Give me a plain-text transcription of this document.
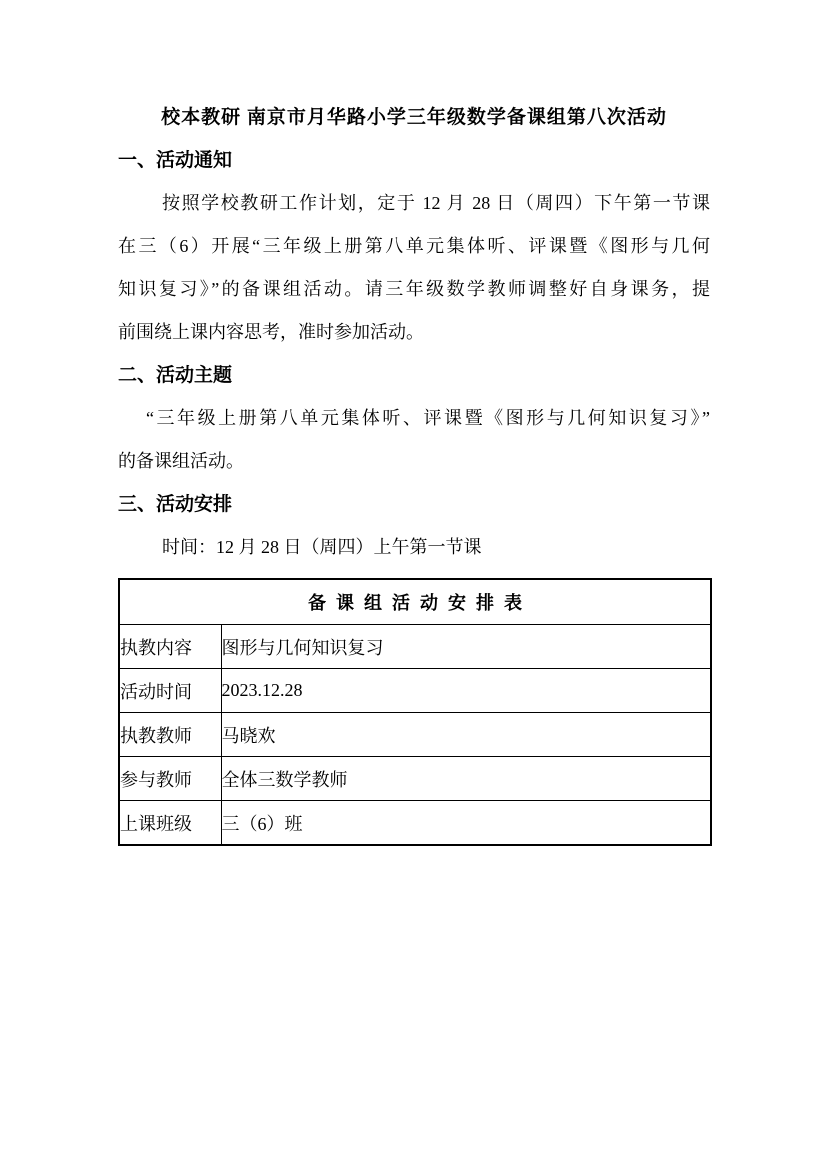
校本教研 南京市月华路小学三年级数学备课组第八次活动
一、活动通知
按照学校教研工作计划，定于 12 月 28 日（周四）下午第一节课
在三（6）开展“三年级上册第八单元集体听、评课暨《图形与几何
知识复习》”的备课组活动。请三年级数学教师调整好自身课务，提
前围绕上课内容思考，准时参加活动。
二、活动主题
“三年级上册第八单元集体听、评课暨《图形与几何知识复习》”
的备课组活动。
三、活动安排
时间：12 月 28 日（周四）上午第一节课
备课组活动安排表	
执教内容	图形与几何知识复习
活动时间	2023.12.28
执教教师	马晓欢
参与教师	全体三数学教师
上课班级	三（6）班
